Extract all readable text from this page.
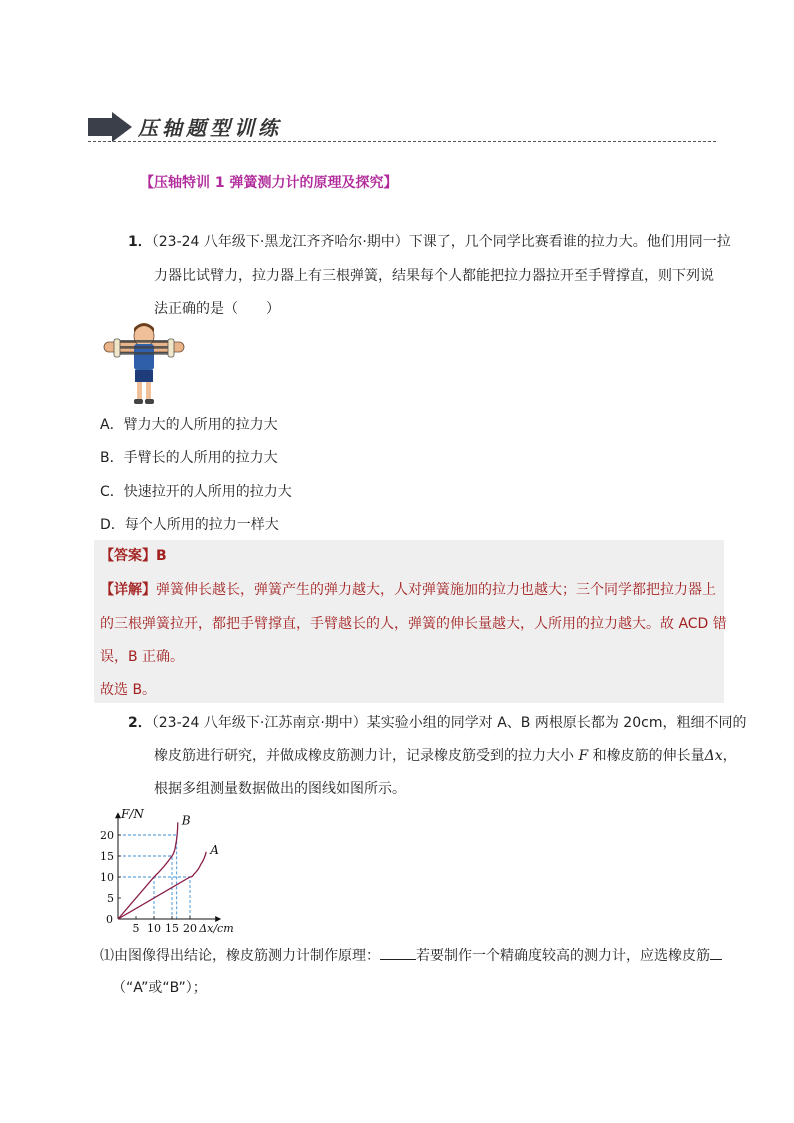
压轴题型训练
【压轴特训 1 弹簧测力计的原理及探究】
1．（23-24 八年级下·黑龙江齐齐哈尔·期中）下课了，几个同学比赛看谁的拉力大。他们用同一拉
力器比试臂力，拉力器上有三根弹簧，结果每个人都能把拉力器拉开至手臂撑直，则下列说
法正确的是（　　）
A．臂力大的人所用的拉力大
B．手臂长的人所用的拉力大
C．快速拉开的人所用的拉力大
D．每个人所用的拉力一样大
【答案】B
【详解】弹簧伸长越长，弹簧产生的弹力越大，人对弹簧施加的拉力也越大；三个同学都把拉力器上
的三根弹簧拉开，都把手臂撑直，手臂越长的人，弹簧的伸长量越大，人所用的拉力越大。故 ACD 错
误，B 正确。
故选 B。
2．（23-24 八年级下·江苏南京·期中）某实验小组的同学对 A、B 两根原长都为 20cm，粗细不同的
橡皮筋进行研究，并做成橡皮筋测力计，记录橡皮筋受到的拉力大小 F 和橡皮筋的伸长量Δx，
根据多组测量数据做出的图线如图所示。
F/N
Δx/cm
0
5 10 15 20
5
10
15
20
A
B
⑴由图像得出结论，橡皮筋测力计制作原理：	若要制作一个精确度较高的测力计，应选橡皮筋
（“A”或“B”）；
